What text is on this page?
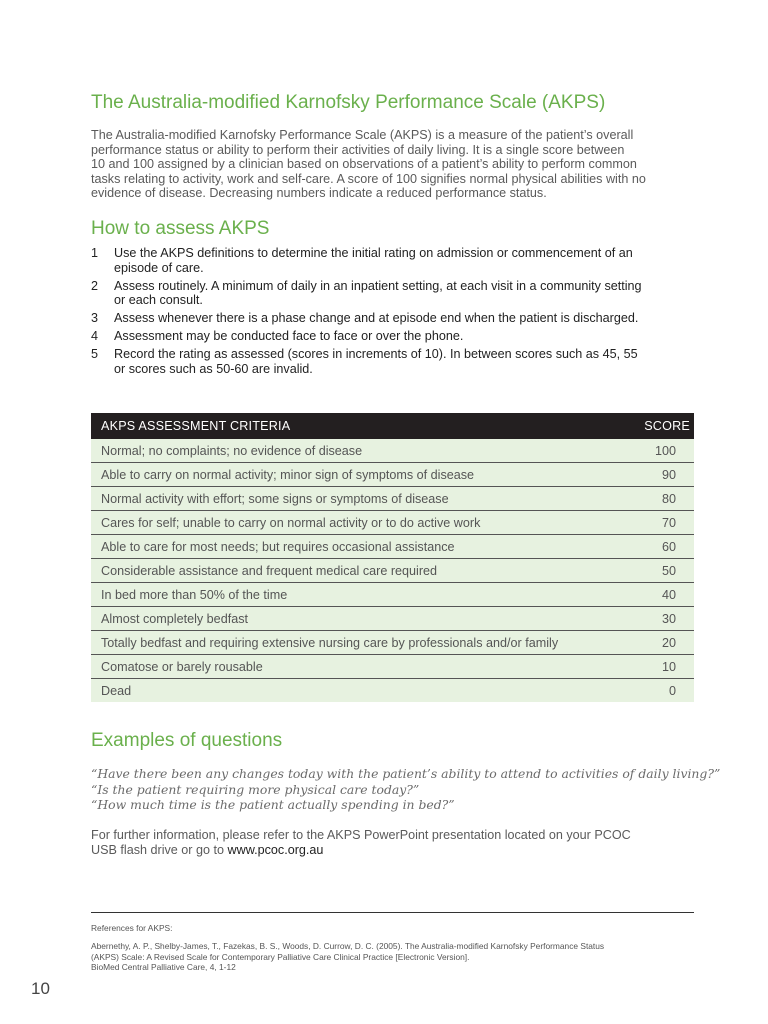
The Australia-modified Karnofsky Performance Scale (AKPS)

The Australia-modified Karnofsky Performance Scale (AKPS) is a measure of the patient’s overall
performance status or ability to perform their activities of daily living. It is a single score between
10 and 100 assigned by a clinician based on observations of a patient’s ability to perform common
tasks relating to activity, work and self-care. A score of 100 signifies normal physical abilities with no
evidence of disease. Decreasing numbers indicate a reduced performance status.

How to assess AKPS
1 Use the AKPS definitions to determine the initial rating on admission or commencement of an
episode of care.
2 Assess routinely. A minimum of daily in an inpatient setting, at each visit in a community setting
or each consult.
3 Assess whenever there is a phase change and at episode end when the patient is discharged.
4 Assessment may be conducted face to face or over the phone.
5 Record the rating as assessed (scores in increments of 10). In between scores such as 45, 55
or scores such as 50-60 are invalid.
AKPS ASSESSMENT CRITERIA	SCORE
Normal; no complaints; no evidence of disease	100
Able to carry on normal activity; minor sign of symptoms of disease	90
Normal activity with effort; some signs or symptoms of disease	80
Cares for self; unable to carry on normal activity or to do active work	70
Able to care for most needs; but requires occasional assistance	60
Considerable assistance and frequent medical care required	50
In bed more than 50% of the time	40
Almost completely bedfast	30
Totally bedfast and requiring extensive nursing care by professionals and/or family	20
Comatose or barely rousable	10
Dead	0
Examples of questions
“Have there been any changes today with the patient’s ability to attend to activities of daily living?”
“Is the patient requiring more physical care today?”
“How much time is the patient actually spending in bed?”

For further information, please refer to the AKPS PowerPoint presentation located on your PCOC
USB flash drive or go to www.pcoc.org.au

References for AKPS:
Abernethy, A. P., Shelby-James, T., Fazekas, B. S., Woods, D. Currow, D. C. (2005). The Australia-modified Karnofsky Performance Status
(AKPS) Scale: A Revised Scale for Contemporary Palliative Care Clinical Practice [Electronic Version].
BioMed Central Palliative Care, 4, 1-12
10
